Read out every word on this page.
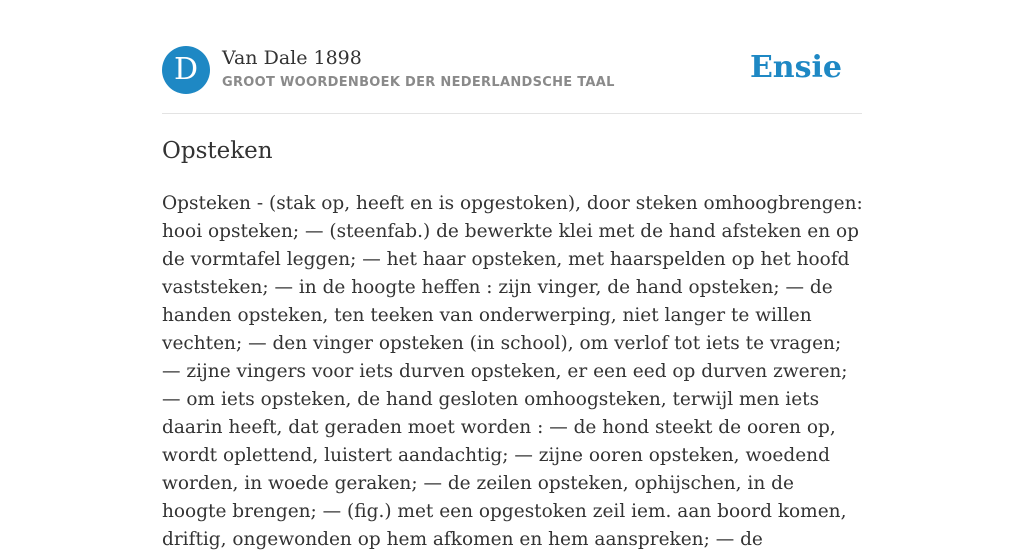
D	Van Dale 1898
GROOT WOORDENBOEK DER NEDERLANDSCHE TAAL	Ensie
Opsteken

Opsteken - (stak op, heeft en is opgestoken), door steken omhoogbrengen: hooi opsteken; — (steenfab.) de bewerkte klei met de hand afsteken en op de vormtafel leggen; — het haar opsteken, met haarspelden op het hoofd vaststeken; — in de hoogte heffen : zijn vinger, de hand opsteken; — de handen opsteken, ten teeken van onderwerping, niet langer te willen vechten; — den vinger opsteken (in school), om verlof tot iets te vragen; — zijne vingers voor iets durven opsteken, er een eed op durven zweren; — om iets opsteken, de hand gesloten omhoogsteken, terwijl men iets daarin heeft, dat geraden moet worden : — de hond steekt de ooren op, wordt oplettend, luistert aandachtig; — zijne ooren opsteken, woedend worden, in woede geraken; — de zeilen opsteken, ophijschen, in de hoogte brengen; — (fig.) met een opgestoken zeil iem. aan boord komen, driftig, ongewonden op hem afkomen en hem aanspreken; — de
